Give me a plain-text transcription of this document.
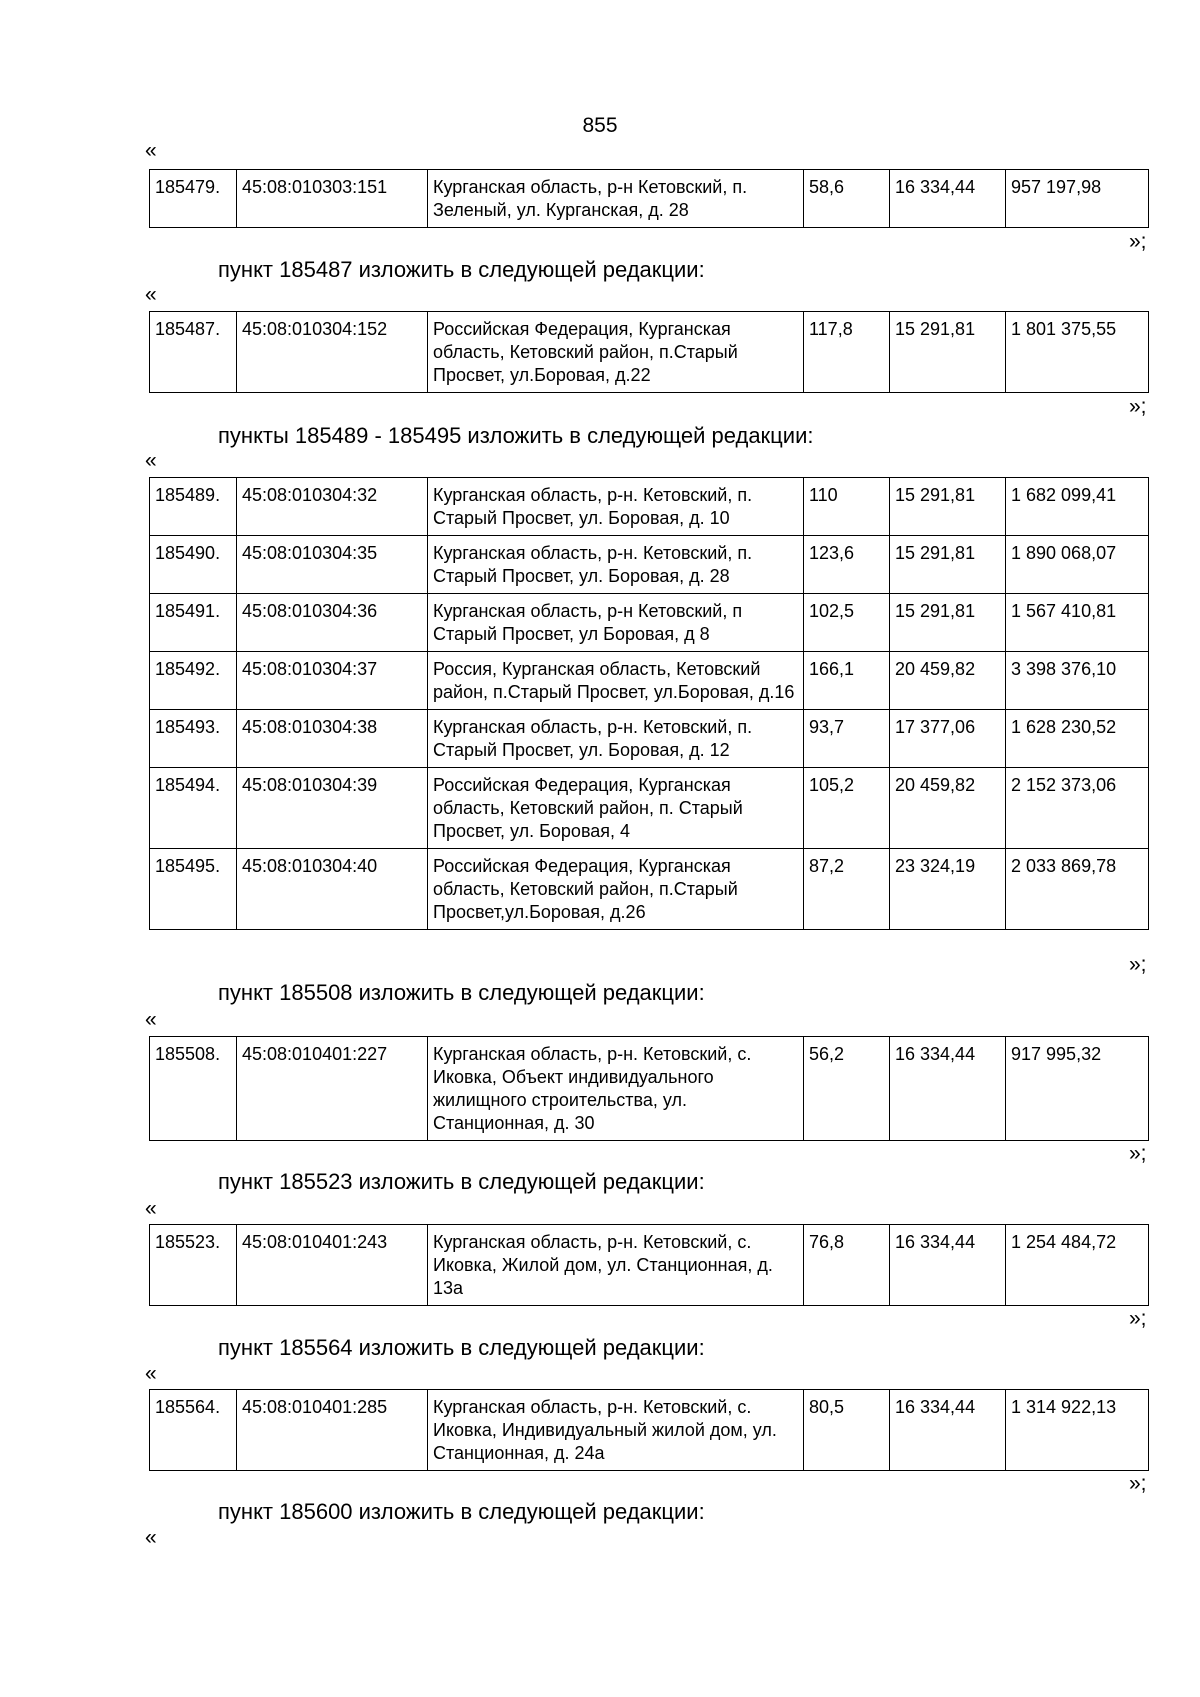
855
«
185479.	45:08:010303:151	Курганская область, р-н Кетовский, п. Зеленый, ул. Курганская, д. 28	58,6	16 334,44	957 197,98
»;
пункт 185487 изложить в следующей редакции:
«
185487.	45:08:010304:152	Российская Федерация, Курганская область, Кетовский район, п.Старый Просвет, ул.Боровая, д.22	117,8	15 291,81	1 801 375,55
»;
пункты 185489 - 185495 изложить в следующей редакции:
«
185489.	45:08:010304:32	Курганская область, р-н. Кетовский, п. Старый Просвет, ул. Боровая, д. 10	110	15 291,81	1 682 099,41
185490.	45:08:010304:35	Курганская область, р-н. Кетовский, п. Старый Просвет, ул. Боровая, д. 28	123,6	15 291,81	1 890 068,07
185491.	45:08:010304:36	Курганская область, р-н Кетовский, п Старый Просвет, ул Боровая, д 8	102,5	15 291,81	1 567 410,81
185492.	45:08:010304:37	Россия, Курганская область, Кетовский район, п.Старый Просвет, ул.Боровая, д.16	166,1	20 459,82	3 398 376,10
185493.	45:08:010304:38	Курганская область, р-н. Кетовский, п. Старый Просвет, ул. Боровая, д. 12	93,7	17 377,06	1 628 230,52
185494.	45:08:010304:39	Российская Федерация, Курганская область, Кетовский район, п. Старый Просвет, ул. Боровая, 4	105,2	20 459,82	2 152 373,06
185495.	45:08:010304:40	Российская Федерация, Курганская область, Кетовский район, п.Старый Просвет,ул.Боровая, д.26	87,2	23 324,19	2 033 869,78
»;
пункт 185508 изложить в следующей редакции:
«
185508.	45:08:010401:227	Курганская область, р-н. Кетовский, с. Иковка, Объект индивидуального жилищного строительства, ул. Станционная, д. 30	56,2	16 334,44	917 995,32
»;
пункт 185523 изложить в следующей редакции:
«
185523.	45:08:010401:243	Курганская область, р-н. Кетовский, с. Иковка, Жилой дом, ул. Станционная, д. 13а	76,8	16 334,44	1 254 484,72
»;
пункт 185564 изложить в следующей редакции:
«
185564.	45:08:010401:285	Курганская область, р-н. Кетовский, с. Иковка, Индивидуальный жилой дом, ул. Станционная, д. 24а	80,5	16 334,44	1 314 922,13
»;
пункт 185600 изложить в следующей редакции:
«
